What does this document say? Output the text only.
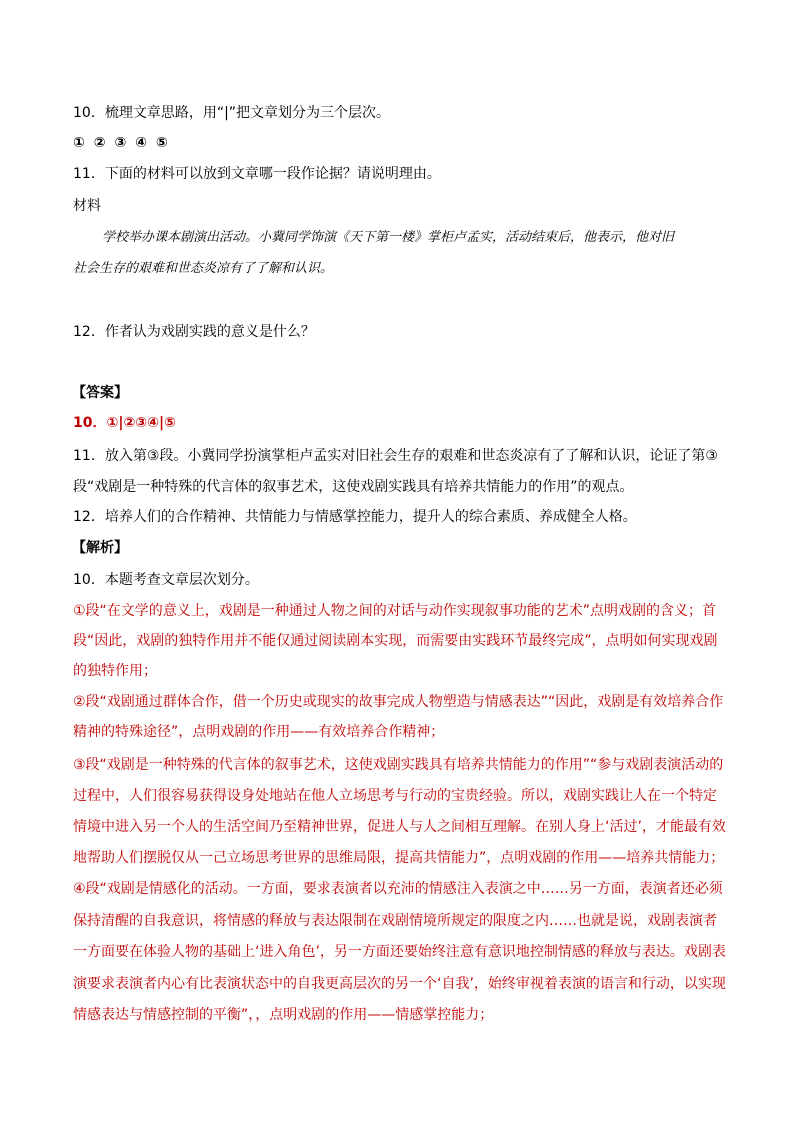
10．梳理文章思路，用“|”把文章划分为三个层次。
① ② ③ ④ ⑤
11．下面的材料可以放到文章哪一段作论据？请说明理由。
材料
学校举办课本剧演出活动。小冀同学饰演《天下第一楼》掌柜卢孟实，活动结束后，他表示，他对旧
社会生存的艰难和世态炎凉有了了解和认识。
12．作者认为戏剧实践的意义是什么？
【答案】
10．①|②③④|⑤
11．放入第③段。小冀同学扮演掌柜卢孟实对旧社会生存的艰难和世态炎凉有了了解和认识，论证了第③
段“戏剧是一种特殊的代言体的叙事艺术，这使戏剧实践具有培养共情能力的作用”的观点。
12．培养人们的合作精神、共情能力与情感掌控能力，提升人的综合素质、养成健全人格。
【解析】
10．本题考查文章层次划分。
①段“在文学的意义上，戏剧是一种通过人物之间的对话与动作实现叙事功能的艺术”点明戏剧的含义；首
段“因此，戏剧的独特作用并不能仅通过阅读剧本实现，而需要由实践环节最终完成”，点明如何实现戏剧
的独特作用；
②段“戏剧通过群体合作，借一个历史或现实的故事完成人物塑造与情感表达”“因此，戏剧是有效培养合作
精神的特殊途径”，点明戏剧的作用——有效培养合作精神；
③段“戏剧是一种特殊的代言体的叙事艺术，这使戏剧实践具有培养共情能力的作用”“参与戏剧表演活动的
过程中，人们很容易获得设身处地站在他人立场思考与行动的宝贵经验。所以，戏剧实践让人在一个特定
情境中进入另一个人的生活空间乃至精神世界，促进人与人之间相互理解。在别人身上‘活过’，才能最有效
地帮助人们摆脱仅从一己立场思考世界的思维局限，提高共情能力”，点明戏剧的作用——培养共情能力；
④段“戏剧是情感化的活动。一方面，要求表演者以充沛的情感注入表演之中……另一方面，表演者还必须
保持清醒的自我意识，将情感的释放与表达限制在戏剧情境所规定的限度之内……也就是说，戏剧表演者
一方面要在体验人物的基础上‘进入角色’，另一方面还要始终注意有意识地控制情感的释放与表达。戏剧表
演要求表演者内心有比表演状态中的自我更高层次的另一个‘自我’，始终审视着表演的语言和行动，以实现
情感表达与情感控制的平衡”，，点明戏剧的作用——情感掌控能力；
